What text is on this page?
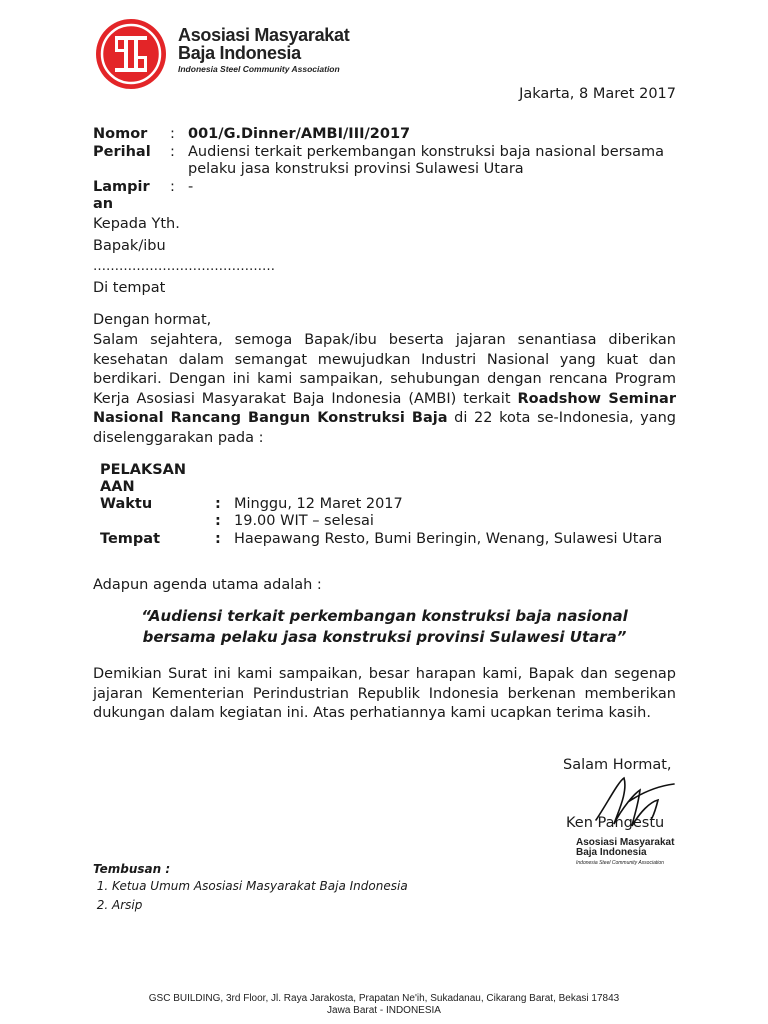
Asosiasi Masyarakat
Baja Indonesia
Indonesia Steel Community Association
Jakarta, 8 Maret 2017
Nomor : 001/G.Dinner/AMBI/III/2017
Perihal : Audiensi terkait perkembangan konstruksi baja nasional bersama pelaku jasa konstruksi provinsi Sulawesi Utara
Lampir
an
: -
Kepada Yth.
Bapak/ibu
……………………………………
Di tempat
Dengan hormat,

Salam sejahtera, semoga Bapak/ibu beserta jajaran senantiasa diberikan kesehatan dalam semangat mewujudkan Industri Nasional yang kuat dan berdikari. Dengan ini kami sampaikan, sehubungan dengan rencana Program Kerja Asosiasi Masyarakat Baja Indonesia (AMBI) terkait Roadshow Seminar Nasional Rancang Bangun Konstruksi Baja di 22 kota se-Indonesia, yang diselenggarakan pada :

PELAKSAN
AAN
Waktu	: Minggu, 12 Maret 2017
: 19.00 WIT – selesai
Tempat	: Haepawang Resto, Bumi Beringin, Wenang, Sulawesi Utara
Adapun agenda utama adalah :
“Audiensi terkait perkembangan konstruksi baja nasional
bersama pelaku jasa konstruksi provinsi Sulawesi Utara”

Demikian Surat ini kami sampaikan, besar harapan kami, Bapak dan segenap jajaran Kementerian Perindustrian Republik Indonesia berkenan memberikan dukungan dalam kegiatan ini. Atas perhatiannya kami ucapkan terima kasih.

Salam Hormat,
Ken Pangestu
Asosiasi Masyarakat
Baja Indonesia
Indonesia Steel Community Association
Tembusan :
1. Ketua Umum Asosiasi Masyarakat Baja Indonesia
2. Arsip
GSC BUILDING, 3rd Floor, Jl. Raya Jarakosta, Prapatan Ne'ih, Sukadanau, Cikarang Barat, Bekasi 17843
Jawa Barat - INDONESIA
